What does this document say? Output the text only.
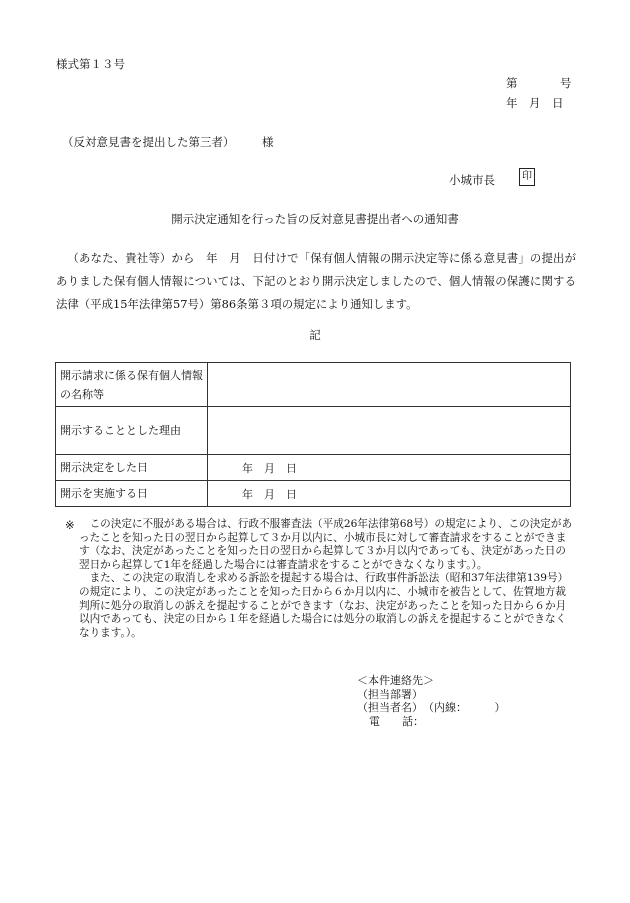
様式第１３号
第	号
年　月　日
（反対意見書を提出した第三者） 様
小城市長	印
開示決定通知を行った旨の反対意見書提出者への通知書

（あなた、貴社等）から　年　月　日付けで「保有個人情報の開示決定等に係る意見書」の提出がありました保有個人情報については、下記のとおり開示決定しましたので、個人情報の保護に関する法律（平成15年法律第57号）第86条第３項の規定により通知します。

記
開示請求に係る保有個人情報の名称等	
開示することとした理由	
開示決定をした日	年　月　日
開示を実施する日	年　月　日
※	この決定に不服がある場合は、行政不服審査法（平成26年法律第68号）の規定により、この決定があったことを知った日の翌日から起算して３か月以内に、小城市長に対して審査請求をすることができます（なお、決定があったことを知った日の翌日から起算して３か月以内であっても、決定があった日の翌日から起算して1年を経過した場合には審査請求をすることができなくなります。）。

また、この決定の取消しを求める訴訟を提起する場合は、行政事件訴訟法（昭和37年法律第139号）の規定により、この決定があったことを知った日から６か月以内に、小城市を被告として、佐賀地方裁判所に処分の取消しの訴えを提起することができます（なお、決定があったことを知った日から６か月以内であっても、決定の日から１年を経過した場合には処分の取消しの訴えを提起することができなくなります。）。

＜本件連絡先＞
（担当部署）
（担当者名）　（内線：　　　）
電　　話：
